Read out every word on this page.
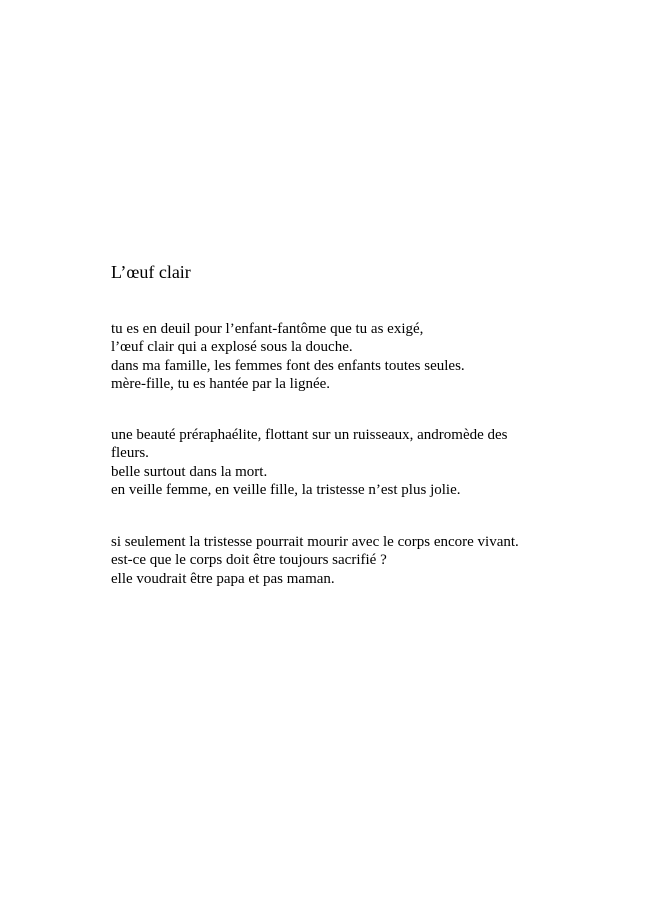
L’œuf clair

tu es en deuil pour l’enfant-fantôme que tu as exigé,
l’œuf clair qui a explosé sous la douche.
dans ma famille, les femmes font des enfants toutes seules.
mère-fille, tu es hantée par la lignée.

une beauté préraphaélite, flottant sur un ruisseaux, andromède des
fleurs.
belle surtout dans la mort.
en veille femme, en veille fille, la tristesse n’est plus jolie.

si seulement la tristesse pourrait mourir avec le corps encore vivant.
est-ce que le corps doit être toujours sacrifié ?
elle voudrait être papa et pas maman.
